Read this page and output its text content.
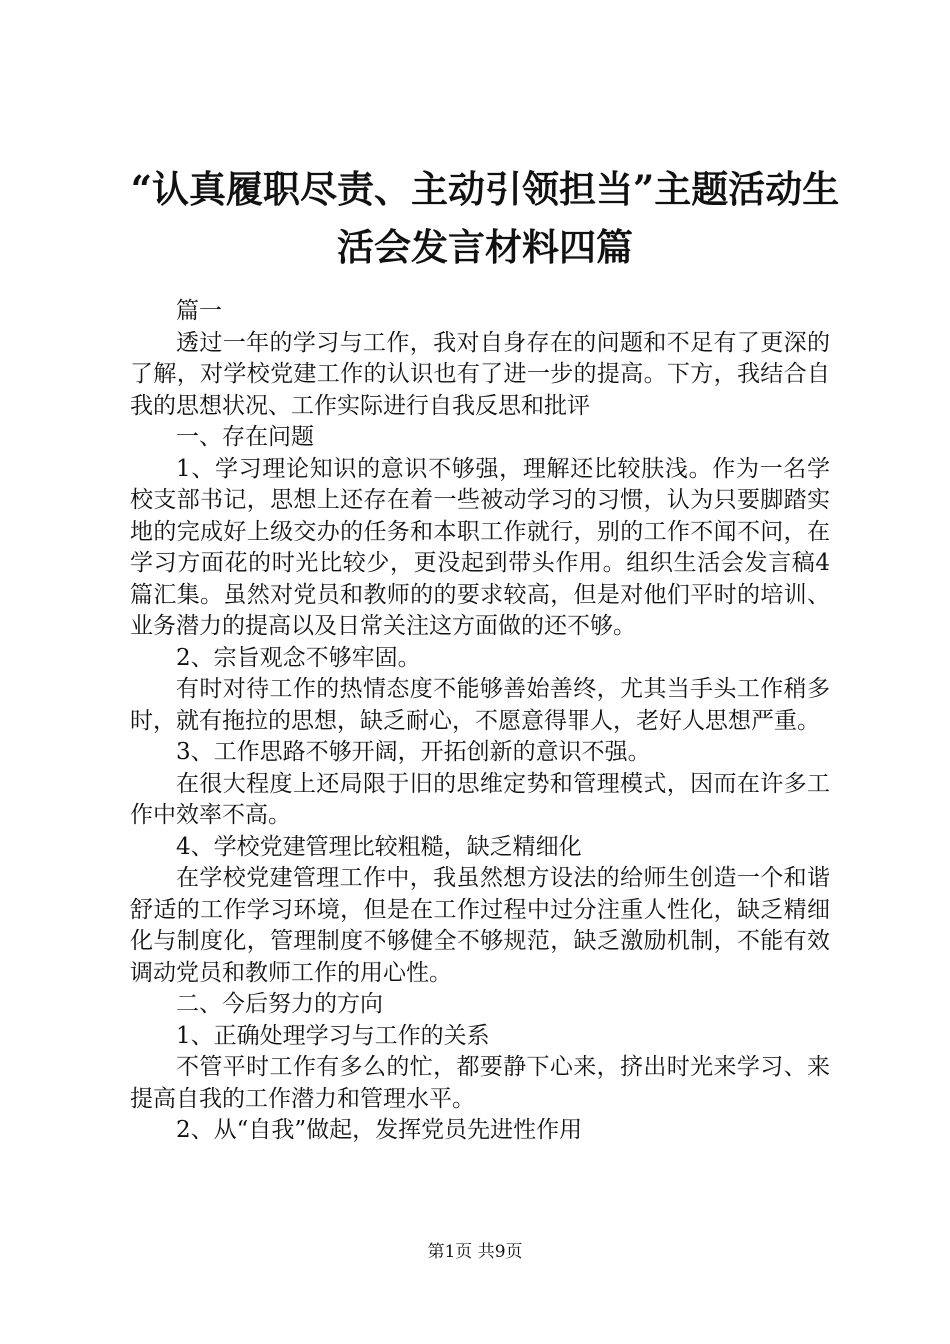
“认真履职尽责、主动引领担当”主题活动生
活会发言材料四篇

篇一

透过一年的学习与工作，我对自身存在的问题和不足有了更深的了解，对学校党建工作的认识也有了进一步的提高。下方，我结合自我的思想状况、工作实际进行自我反思和批评

一、存在问题

1、学习理论知识的意识不够强，理解还比较肤浅。作为一名学校支部书记，思想上还存在着一些被动学习的习惯，认为只要脚踏实地的完成好上级交办的任务和本职工作就行，别的工作不闻不问，在学习方面花的时光比较少，更没起到带头作用。组织生活会发言稿4篇汇集。虽然对党员和教师的的要求较高，但是对他们平时的培训、业务潜力的提高以及日常关注这方面做的还不够。

2、宗旨观念不够牢固。

有时对待工作的热情态度不能够善始善终，尤其当手头工作稍多时，就有拖拉的思想，缺乏耐心，不愿意得罪人，老好人思想严重。

3、工作思路不够开阔，开拓创新的意识不强。

在很大程度上还局限于旧的思维定势和管理模式，因而在许多工作中效率不高。

4、学校党建管理比较粗糙，缺乏精细化

在学校党建管理工作中，我虽然想方设法的给师生创造一个和谐舒适的工作学习环境，但是在工作过程中过分注重人性化，缺乏精细化与制度化，管理制度不够健全不够规范，缺乏激励机制，不能有效调动党员和教师工作的用心性。

二、今后努力的方向

1、正确处理学习与工作的关系

不管平时工作有多么的忙，都要静下心来，挤出时光来学习、来提高自我的工作潜力和管理水平。

2、从“自我”做起，发挥党员先进性作用

第1页 共9页
